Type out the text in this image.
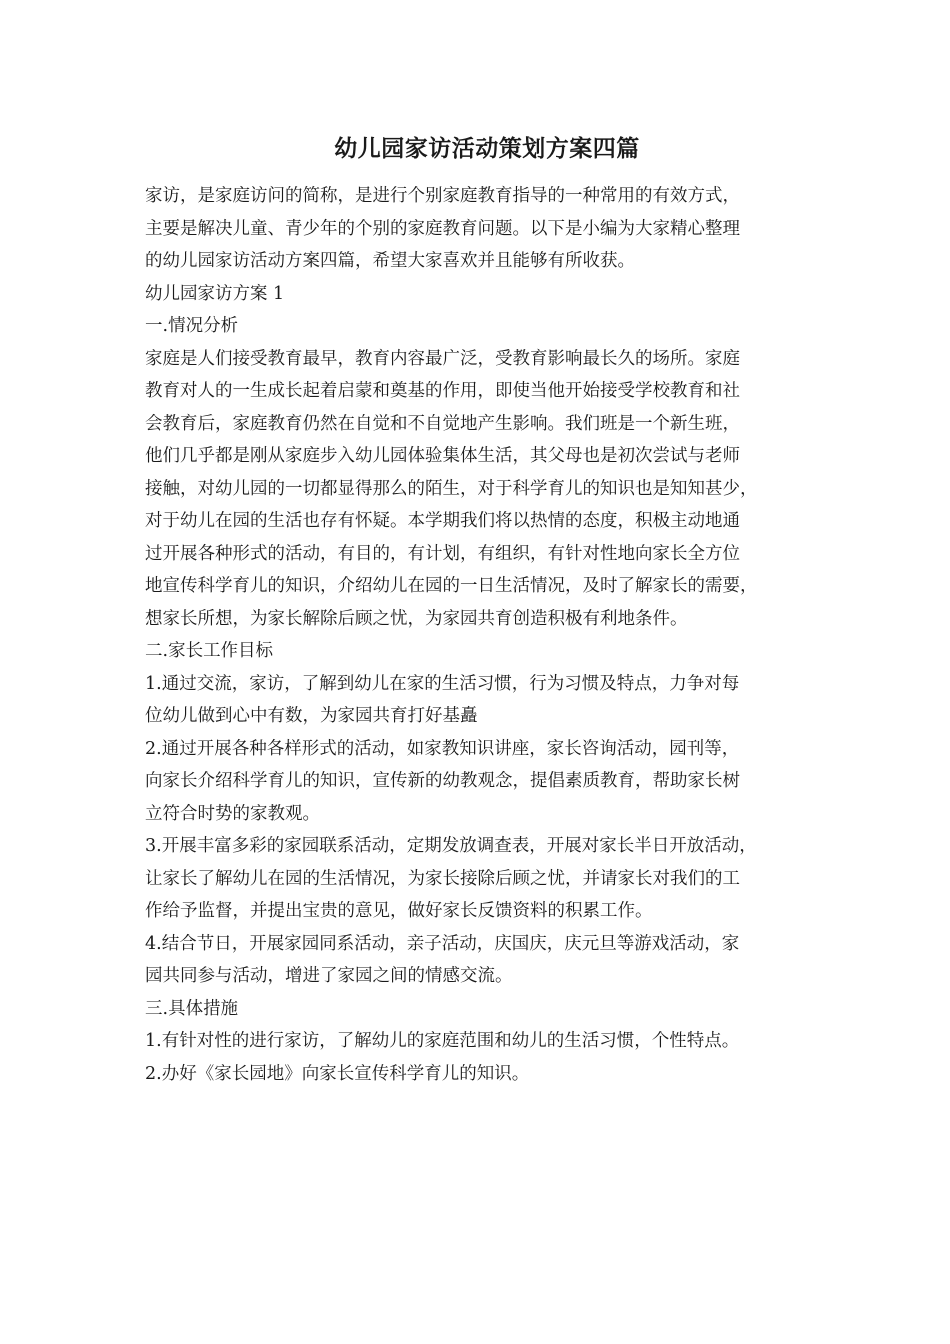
幼儿园家访活动策划方案四篇

家访，是家庭访问的简称，是进行个别家庭教育指导的一种常用的有效方式，

主要是解决儿童、青少年的个别的家庭教育问题。以下是小编为大家精心整理

的幼儿园家访活动方案四篇，希望大家喜欢并且能够有所收获。

幼儿园家访方案 1

一.情况分析

家庭是人们接受教育最早，教育内容最广泛，受教育影响最长久的场所。家庭

教育对人的一生成长起着启蒙和奠基的作用，即使当他开始接受学校教育和社

会教育后，家庭教育仍然在自觉和不自觉地产生影响。我们班是一个新生班，

他们几乎都是刚从家庭步入幼儿园体验集体生活，其父母也是初次尝试与老师

接触，对幼儿园的一切都显得那么的陌生，对于科学育儿的知识也是知知甚少，

对于幼儿在园的生活也存有怀疑。本学期我们将以热情的态度，积极主动地通

过开展各种形式的活动，有目的，有计划，有组织，有针对性地向家长全方位

地宣传科学育儿的知识，介绍幼儿在园的一日生活情况，及时了解家长的需要，

想家长所想，为家长解除后顾之忧，为家园共育创造积极有利地条件。

二.家长工作目标

1.通过交流，家访，了解到幼儿在家的生活习惯，行为习惯及特点，力争对每

位幼儿做到心中有数，为家园共育打好基矗

2.通过开展各种各样形式的活动，如家教知识讲座，家长咨询活动，园刊等，

向家长介绍科学育儿的知识，宣传新的幼教观念，提倡素质教育，帮助家长树

立符合时势的家教观。

3.开展丰富多彩的家园联系活动，定期发放调查表，开展对家长半日开放活动，

让家长了解幼儿在园的生活情况，为家长接除后顾之忧，并请家长对我们的工

作给予监督，并提出宝贵的意见，做好家长反馈资料的积累工作。

4.结合节日，开展家园同系活动，亲子活动，庆国庆，庆元旦等游戏活动，家

园共同参与活动，增进了家园之间的情感交流。

三.具体措施

1.有针对性的进行家访，了解幼儿的家庭范围和幼儿的生活习惯，个性特点。

2.办好《家长园地》向家长宣传科学育儿的知识。
